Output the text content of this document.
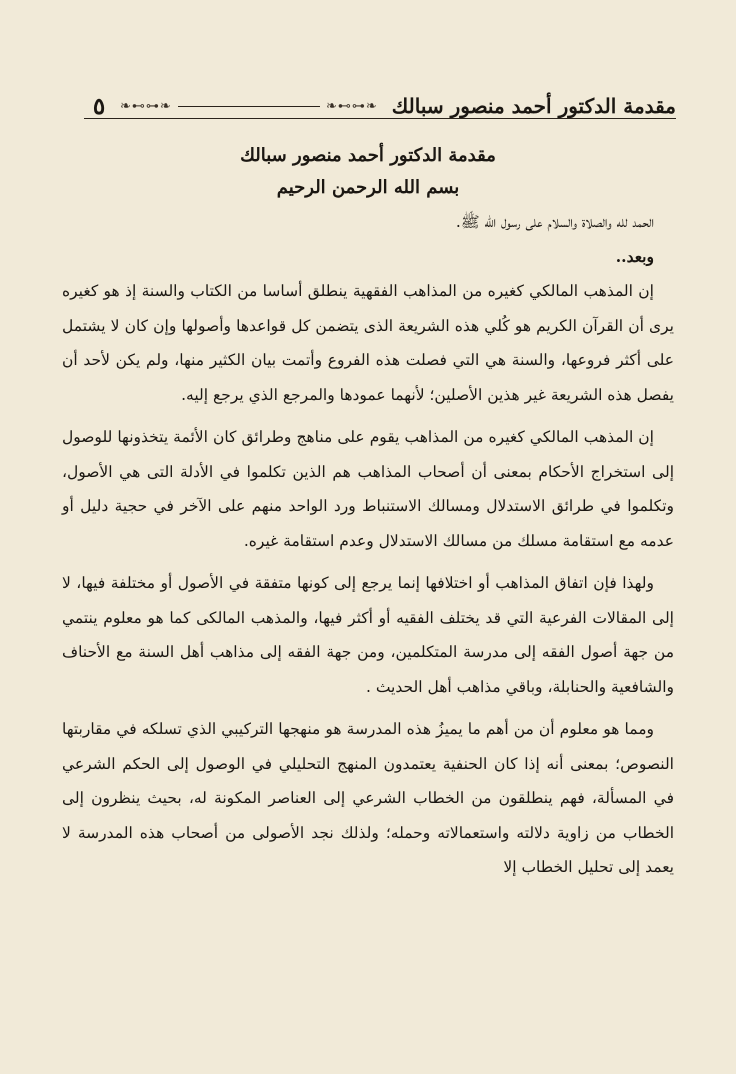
٥	❧⊷⊶❧	❧⊷⊶❧ مقدمة الدكتور أحمد منصور سبالك
مقدمة الدكتور أحمد منصور سبالك
بسم الله الرحمن الرحيم

الحمد لله والصلاة والسلام على رسول الله ﷺ.

وبعد..

إن المذهب المالكي كغيره من المذاهب الفقهية ينطلق أساسا من الكتاب والسنة إذ هو كغيره يرى أن القرآن الكريم هو كُلي هذه الشريعة الذى يتضمن كل قواعدها وأصولها وإن كان لا يشتمل على أكثر فروعها، والسنة هي التي فصلت هذه الفروع وأتمت بيان الكثير منها، ولم يكن لأحد أن يفصل هذه الشريعة غير هذين الأصلين؛ لأنهما عمودها والمرجع الذي يرجع إليه.

إن المذهب المالكي كغيره من المذاهب يقوم على مناهج وطرائق كان الأئمة يتخذونها للوصول إلى استخراج الأحكام بمعنى أن أصحاب المذاهب هم الذين تكلموا في الأدلة التى هي الأصول، وتكلموا في طرائق الاستدلال ومسالك الاستنباط ورد الواحد منهم على الآخر في حجية دليل أو عدمه مع استقامة مسلك من مسالك الاستدلال وعدم استقامة غيره.

ولهذا فإن اتفاق المذاهب أو اختلافها إنما يرجع إلى كونها متفقة في الأصول أو مختلفة فيها، لا إلى المقالات الفرعية التي قد يختلف الفقيه أو أكثر فيها، والمذهب المالكى كما هو معلوم ينتمي من جهة أصول الفقه إلى مدرسة المتكلمين، ومن جهة الفقه إلى مذاهب أهل السنة مع الأحناف والشافعية والحنابلة، وباقي مذاهب أهل الحديث .

ومما هو معلوم أن من أهم ما يميزُ هذه المدرسة هو منهجها التركيبي الذي تسلكه في مقاربتها النصوص؛ بمعنى أنه إذا كان الحنفية يعتمدون المنهج التحليلي في الوصول إلى الحكم الشرعي في المسألة، فهم ينطلقون من الخطاب الشرعي إلى العناصر المكونة له، بحيث ينظرون إلى الخطاب من زاوية دلالته واستعمالاته وحمله؛ ولذلك نجد الأصولى من أصحاب هذه المدرسة لا يعمد إلى تحليل الخطاب إلا
